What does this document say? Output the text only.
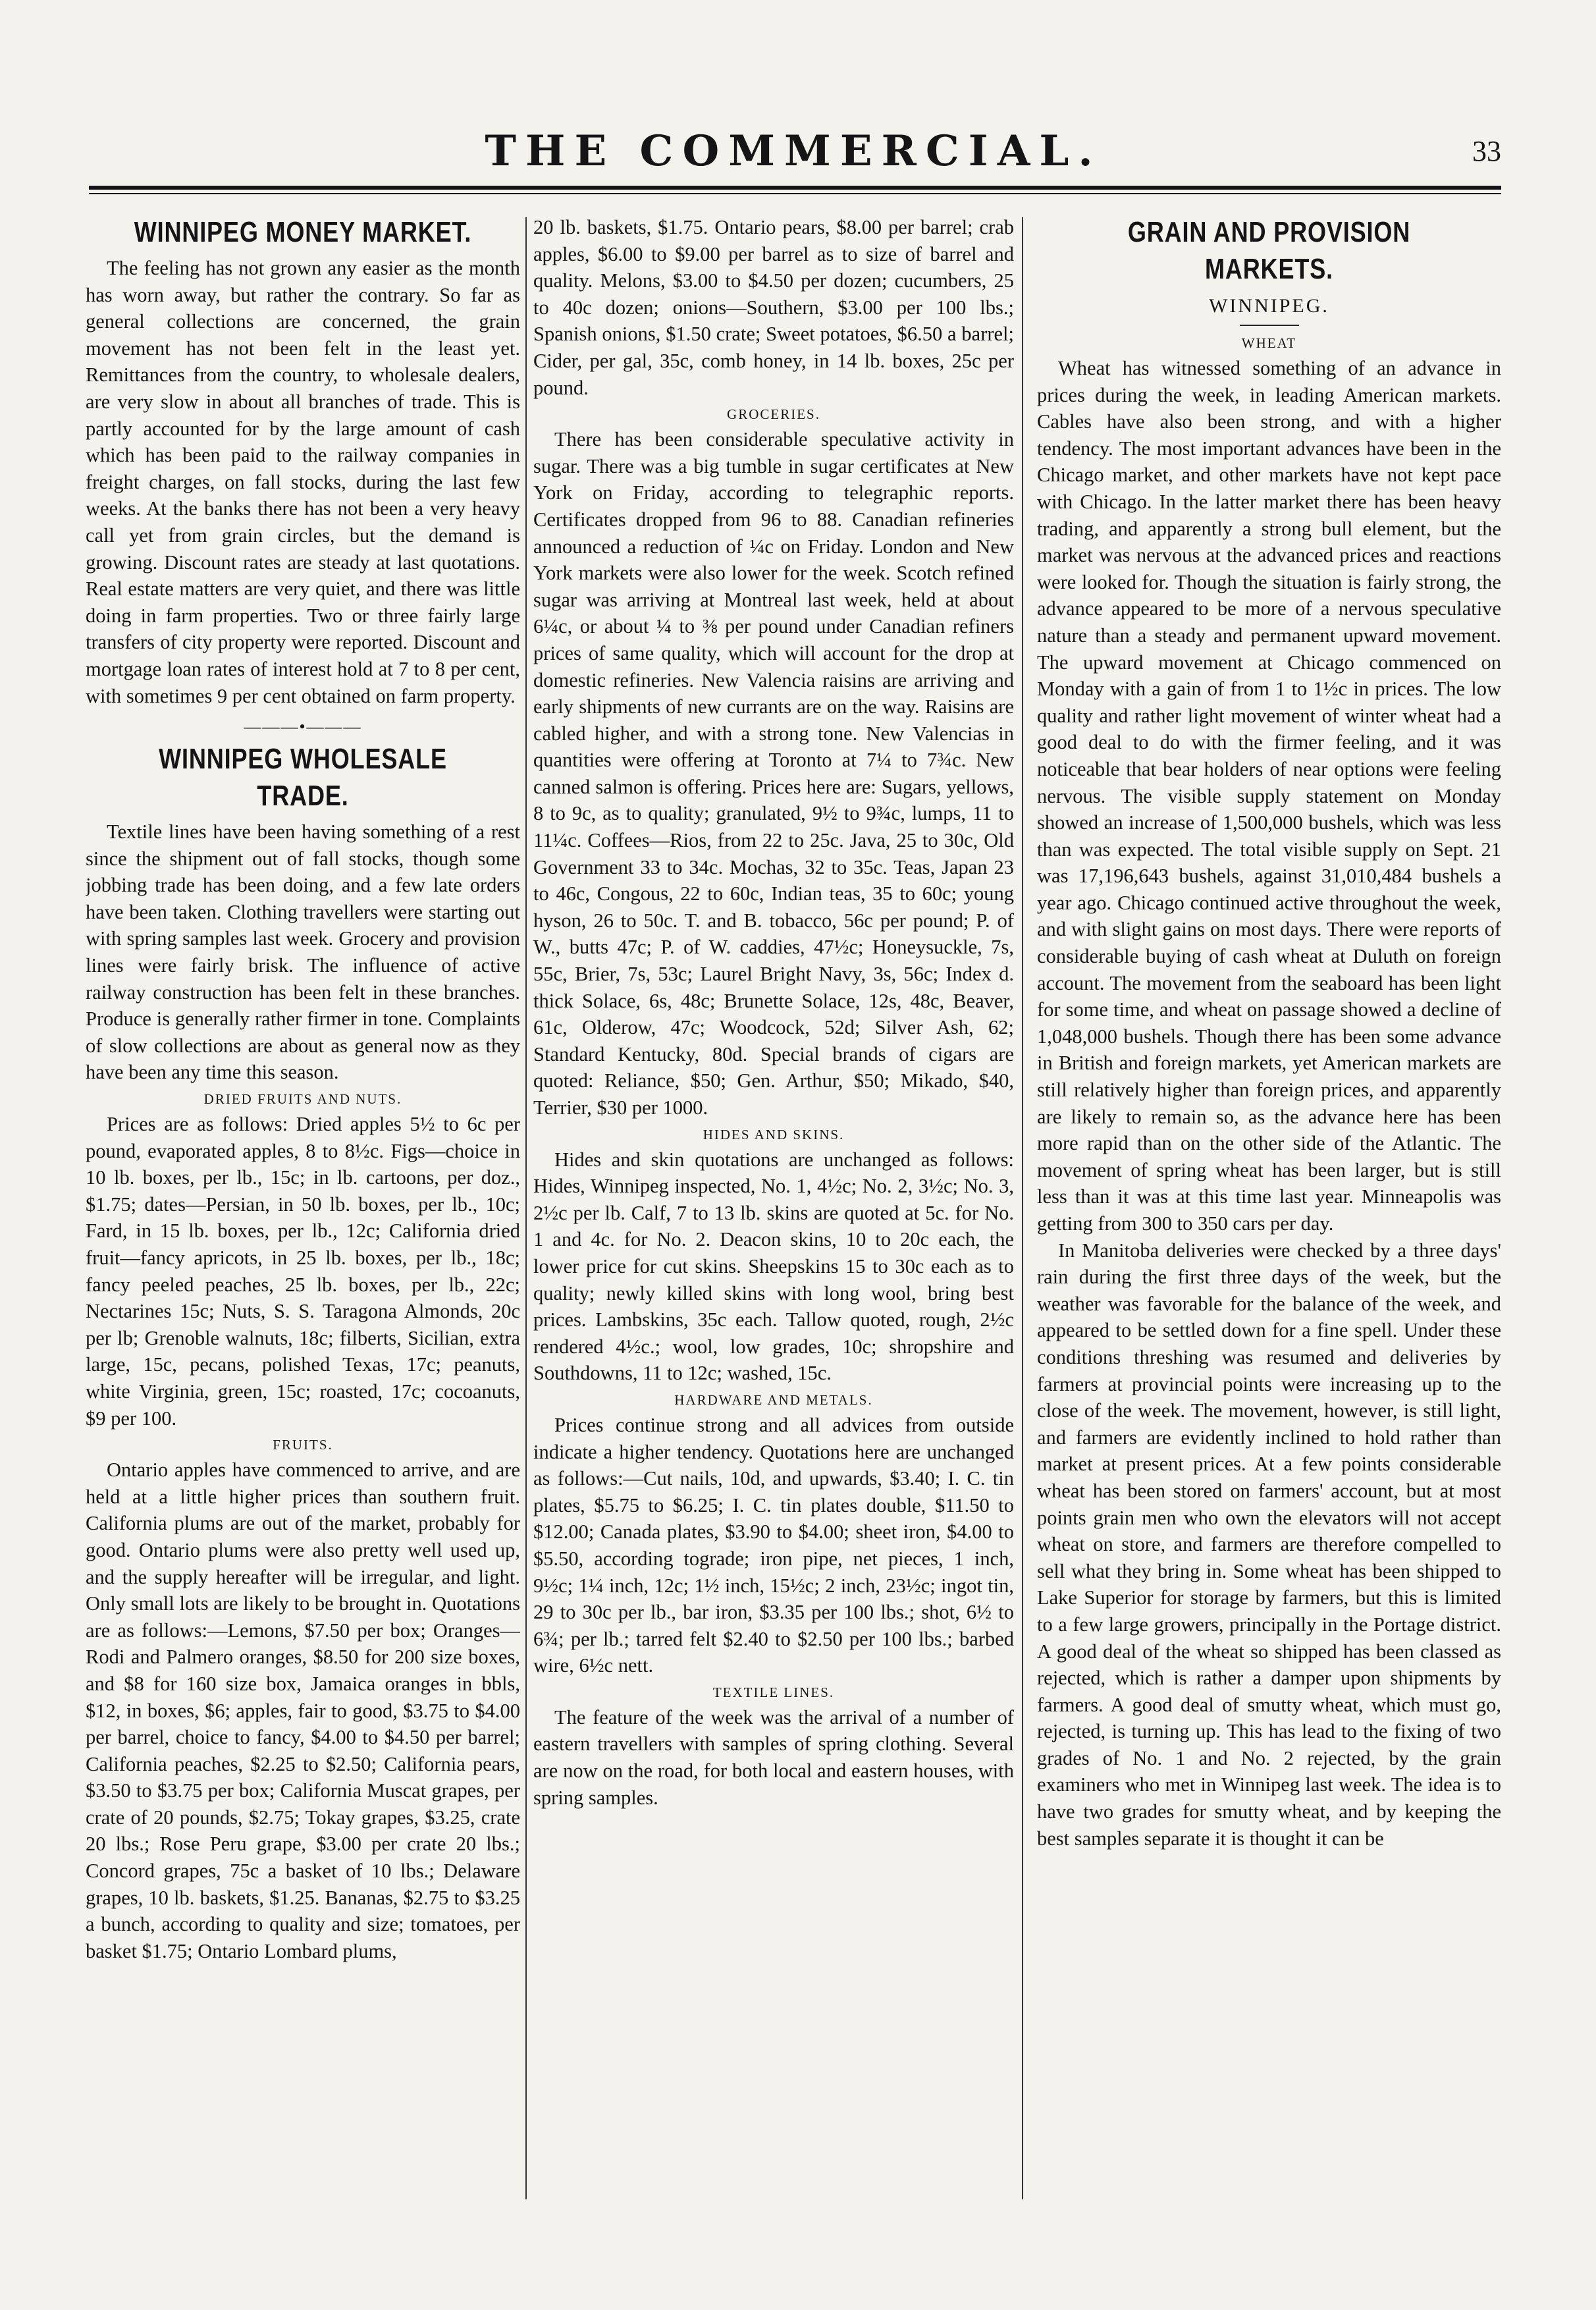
THE COMMERCIAL.	33
WINNIPEG MONEY MARKET.

The feeling has not grown any easier as the month has worn away, but rather the contrary. So far as general collections are concerned, the grain movement has not been felt in the least yet. Remittances from the country, to wholesale dealers, are very slow in about all branches of trade. This is partly accounted for by the large amount of cash which has been paid to the railway companies in freight charges, on fall stocks, during the last few weeks. At the banks there has not been a very heavy call yet from grain circles, but the demand is growing. Discount rates are steady at last quotations. Real estate matters are very quiet, and there was little doing in farm properties. Two or three fairly large transfers of city property were reported. Discount and mortgage loan rates of interest hold at 7 to 8 per cent, with sometimes 9 per cent obtained on farm property.

———•———
WINNIPEG WHOLESALE TRADE.

Textile lines have been having something of a rest since the shipment out of fall stocks, though some jobbing trade has been doing, and a few late orders have been taken. Clothing travellers were starting out with spring samples last week. Grocery and provision lines were fairly brisk. The influence of active railway construction has been felt in these branches. Produce is generally rather firmer in tone. Complaints of slow collections are about as general now as they have been any time this season.

DRIED FRUITS AND NUTS.

Prices are as follows: Dried apples 5½ to 6c per pound, evaporated apples, 8 to 8½c. Figs—choice in 10 lb. boxes, per lb., 15c; in lb. cartoons, per doz., $1.75; dates—Persian, in 50 lb. boxes, per lb., 10c; Fard, in 15 lb. boxes, per lb., 12c; California dried fruit—fancy apricots, in 25 lb. boxes, per lb., 18c; fancy peeled peaches, 25 lb. boxes, per lb., 22c; Nectarines 15c; Nuts, S. S. Taragona Almonds, 20c per lb; Grenoble walnuts, 18c; filberts, Sicilian, extra large, 15c, pecans, polished Texas, 17c; peanuts, white Virginia, green, 15c; roasted, 17c; cocoanuts, $9 per 100.

FRUITS.

Ontario apples have commenced to arrive, and are held at a little higher prices than southern fruit. California plums are out of the market, probably for good. Ontario plums were also pretty well used up, and the supply hereafter will be irregular, and light. Only small lots are likely to be brought in. Quotations are as follows:—Lemons, $7.50 per box; Oranges—Rodi and Palmero oranges, $8.50 for 200 size boxes, and $8 for 160 size box, Jamaica oranges in bbls, $12, in boxes, $6; apples, fair to good, $3.75 to $4.00 per barrel, choice to fancy, $4.00 to $4.50 per barrel; California peaches, $2.25 to $2.50; California pears, $3.50 to $3.75 per box; California Muscat grapes, per crate of 20 pounds, $2.75; Tokay grapes, $3.25, crate 20 lbs.; Rose Peru grape, $3.00 per crate 20 lbs.; Concord grapes, 75c a basket of 10 lbs.; Delaware grapes, 10 lb. baskets, $1.25. Bananas, $2.75 to $3.25 a bunch, according to quality and size; tomatoes, per basket $1.75; Ontario Lombard plums,

20 lb. baskets, $1.75. Ontario pears, $8.00 per barrel; crab apples, $6.00 to $9.00 per barrel as to size of barrel and quality. Melons, $3.00 to $4.50 per dozen; cucumbers, 25 to 40c dozen; onions—Southern, $3.00 per 100 lbs.; Spanish onions, $1.50 crate; Sweet potatoes, $6.50 a barrel; Cider, per gal, 35c, comb honey, in 14 lb. boxes, 25c per pound.

GROCERIES.

There has been considerable speculative activity in sugar. There was a big tumble in sugar certificates at New York on Friday, according to telegraphic reports. Certificates dropped from 96 to 88. Canadian refineries announced a reduction of ¼c on Friday. London and New York markets were also lower for the week. Scotch refined sugar was arriving at Montreal last week, held at about 6¼c, or about ¼ to ⅜ per pound under Canadian refiners prices of same quality, which will account for the drop at domestic refineries. New Valencia raisins are arriving and early shipments of new currants are on the way. Raisins are cabled higher, and with a strong tone. New Valencias in quantities were offering at Toronto at 7¼ to 7¾c. New canned salmon is offering. Prices here are: Sugars, yellows, 8 to 9c, as to quality; granulated, 9½ to 9¾c, lumps, 11 to 11¼c. Coffees—Rios, from 22 to 25c. Java, 25 to 30c, Old Government 33 to 34c. Mochas, 32 to 35c. Teas, Japan 23 to 46c, Congous, 22 to 60c, Indian teas, 35 to 60c; young hyson, 26 to 50c. T. and B. tobacco, 56c per pound; P. of W., butts 47c; P. of W. caddies, 47½c; Honeysuckle, 7s, 55c, Brier, 7s, 53c; Laurel Bright Navy, 3s, 56c; Index d. thick Solace, 6s, 48c; Brunette Solace, 12s, 48c, Beaver, 61c, Olderow, 47c; Woodcock, 52d; Silver Ash, 62; Standard Kentucky, 80d. Special brands of cigars are quoted: Reliance, $50; Gen. Arthur, $50; Mikado, $40, Terrier, $30 per 1000.

HIDES AND SKINS.

Hides and skin quotations are unchanged as follows: Hides, Winnipeg inspected, No. 1, 4½c; No. 2, 3½c; No. 3, 2½c per lb. Calf, 7 to 13 lb. skins are quoted at 5c. for No. 1 and 4c. for No. 2. Deacon skins, 10 to 20c each, the lower price for cut skins. Sheepskins 15 to 30c each as to quality; newly killed skins with long wool, bring best prices. Lambskins, 35c each. Tallow quoted, rough, 2½c rendered 4½c.; wool, low grades, 10c; shropshire and Southdowns, 11 to 12c; washed, 15c.

HARDWARE AND METALS.

Prices continue strong and all advices from outside indicate a higher tendency. Quotations here are unchanged as follows:—Cut nails, 10d, and upwards, $3.40; I. C. tin plates, $5.75 to $6.25; I. C. tin plates double, $11.50 to $12.00; Canada plates, $3.90 to $4.00; sheet iron, $4.00 to $5.50, according tograde; iron pipe, net pieces, 1 inch, 9½c; 1¼ inch, 12c; 1½ inch, 15½c; 2 inch, 23½c; ingot tin, 29 to 30c per lb., bar iron, $3.35 per 100 lbs.; shot, 6½ to 6¾; per lb.; tarred felt $2.40 to $2.50 per 100 lbs.; barbed wire, 6½c nett.

TEXTILE LINES.

The feature of the week was the arrival of a number of eastern travellers with samples of spring clothing. Several are now on the road, for both local and eastern houses, with spring samples.

GRAIN AND PROVISION MARKETS.
WINNIPEG.
WHEAT

Wheat has witnessed something of an advance in prices during the week, in leading American markets. Cables have also been strong, and with a higher tendency. The most important advances have been in the Chicago market, and other markets have not kept pace with Chicago. In the latter market there has been heavy trading, and apparently a strong bull element, but the market was nervous at the advanced prices and reactions were looked for. Though the situation is fairly strong, the advance appeared to be more of a nervous speculative nature than a steady and permanent upward movement. The upward movement at Chicago commenced on Monday with a gain of from 1 to 1½c in prices. The low quality and rather light movement of winter wheat had a good deal to do with the firmer feeling, and it was noticeable that bear holders of near options were feeling nervous. The visible supply statement on Monday showed an increase of 1,500,000 bushels, which was less than was expected. The total visible supply on Sept. 21 was 17,196,643 bushels, against 31,010,484 bushels a year ago. Chicago continued active throughout the week, and with slight gains on most days. There were reports of considerable buying of cash wheat at Duluth on foreign account. The movement from the seaboard has been light for some time, and wheat on passage showed a decline of 1,048,000 bushels. Though there has been some advance in British and foreign markets, yet American markets are still relatively higher than foreign prices, and apparently are likely to remain so, as the advance here has been more rapid than on the other side of the Atlantic. The movement of spring wheat has been larger, but is still less than it was at this time last year. Minneapolis was getting from 300 to 350 cars per day.

In Manitoba deliveries were checked by a three days' rain during the first three days of the week, but the weather was favorable for the balance of the week, and appeared to be settled down for a fine spell. Under these conditions threshing was resumed and deliveries by farmers at provincial points were increasing up to the close of the week. The movement, however, is still light, and farmers are evidently inclined to hold rather than market at present prices. At a few points considerable wheat has been stored on farmers' account, but at most points grain men who own the elevators will not accept wheat on store, and farmers are therefore compelled to sell what they bring in. Some wheat has been shipped to Lake Superior for storage by farmers, but this is limited to a few large growers, principally in the Portage district. A good deal of the wheat so shipped has been classed as rejected, which is rather a damper upon shipments by farmers. A good deal of smutty wheat, which must go, rejected, is turning up. This has lead to the fixing of two grades of No. 1 and No. 2 rejected, by the grain examiners who met in Winnipeg last week. The idea is to have two grades for smutty wheat, and by keeping the best samples separate it is thought it can be
